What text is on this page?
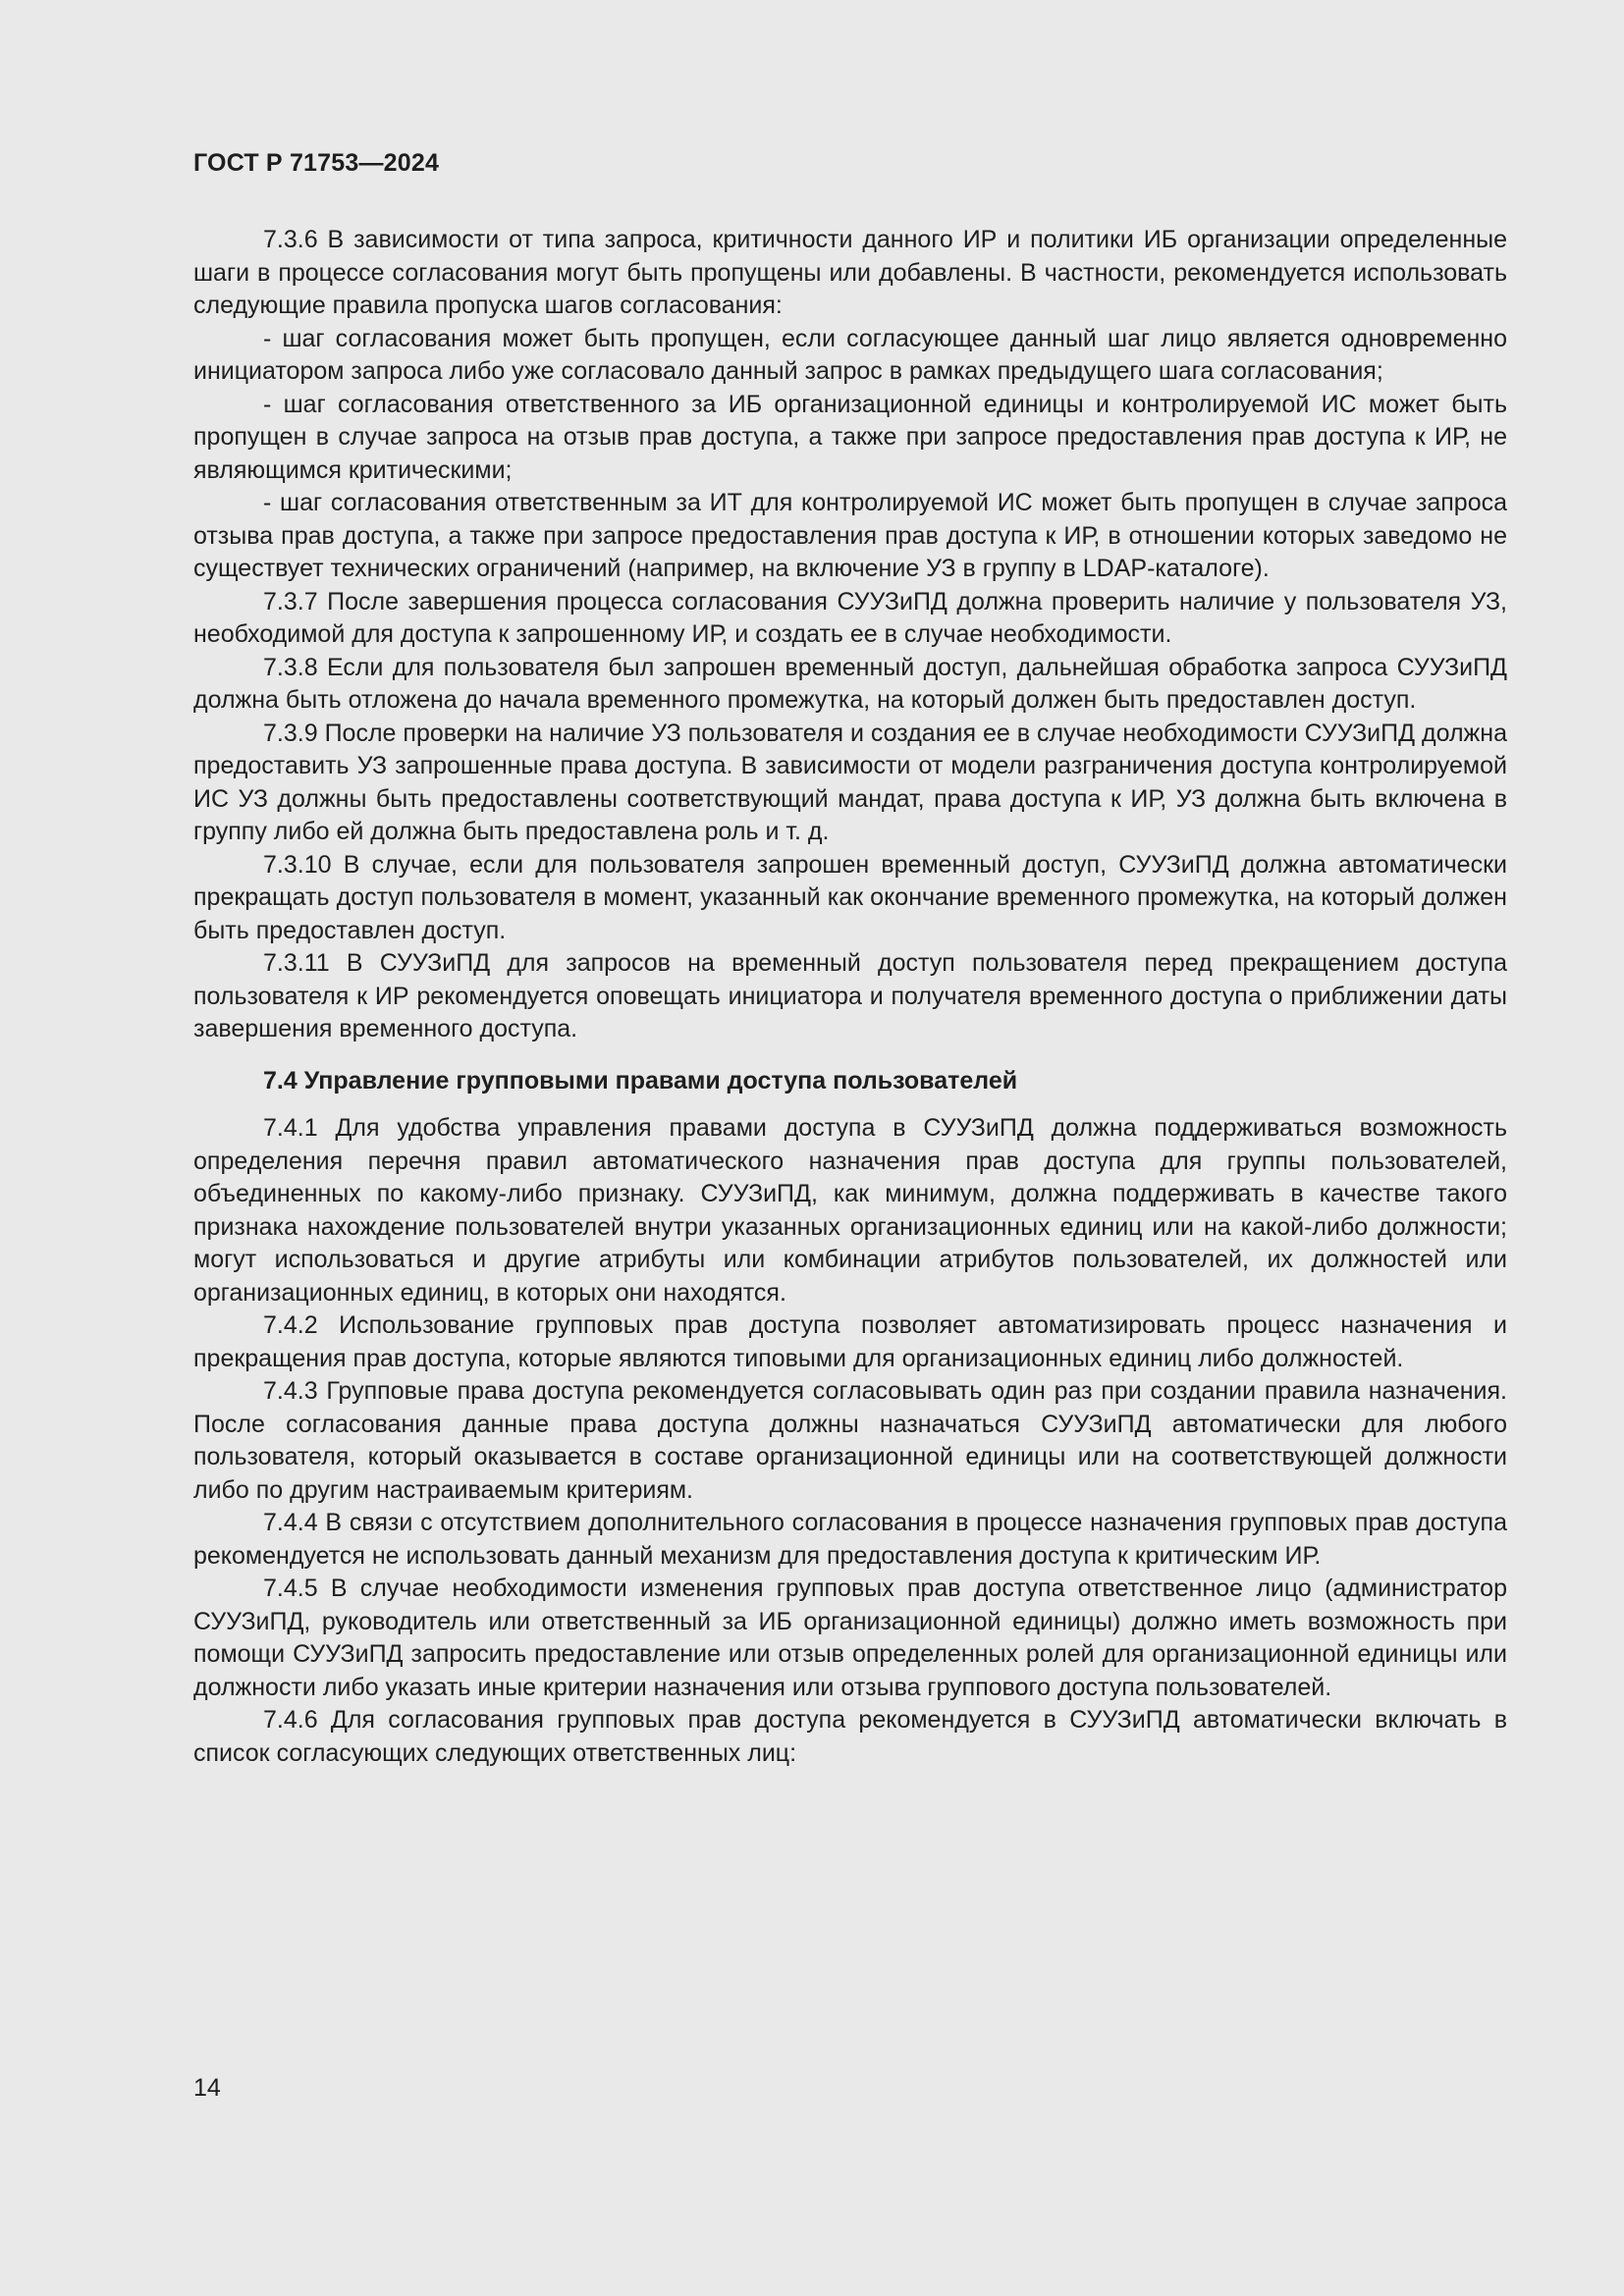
ГОСТ Р 71753—2024

7.3.6 В зависимости от типа запроса, критичности данного ИР и политики ИБ организации определенные шаги в процессе согласования могут быть пропущены или добавлены. В частности, рекомендуется использовать следующие правила пропуска шагов согласования:

- шаг согласования может быть пропущен, если согласующее данный шаг лицо является одновременно инициатором запроса либо уже согласовало данный запрос в рамках предыдущего шага согласования;

- шаг согласования ответственного за ИБ организационной единицы и контролируемой ИС может быть пропущен в случае запроса на отзыв прав доступа, а также при запросе предоставления прав доступа к ИР, не являющимся критическими;

- шаг согласования ответственным за ИТ для контролируемой ИС может быть пропущен в случае запроса отзыва прав доступа, а также при запросе предоставления прав доступа к ИР, в отношении которых заведомо не существует технических ограничений (например, на включение УЗ в группу в LDAP-каталоге).

7.3.7 После завершения процесса согласования СУУЗиПД должна проверить наличие у пользователя УЗ, необходимой для доступа к запрошенному ИР, и создать ее в случае необходимости.

7.3.8 Если для пользователя был запрошен временный доступ, дальнейшая обработка запроса СУУЗиПД должна быть отложена до начала временного промежутка, на который должен быть предоставлен доступ.

7.3.9 После проверки на наличие УЗ пользователя и создания ее в случае необходимости СУУЗиПД должна предоставить УЗ запрошенные права доступа. В зависимости от модели разграничения доступа контролируемой ИС УЗ должны быть предоставлены соответствующий мандат, права доступа к ИР, УЗ должна быть включена в группу либо ей должна быть предоставлена роль и т. д.

7.3.10 В случае, если для пользователя запрошен временный доступ, СУУЗиПД должна автоматически прекращать доступ пользователя в момент, указанный как окончание временного промежутка, на который должен быть предоставлен доступ.

7.3.11 В СУУЗиПД для запросов на временный доступ пользователя перед прекращением доступа пользователя к ИР рекомендуется оповещать инициатора и получателя временного доступа о приближении даты завершения временного доступа.

7.4 Управление групповыми правами доступа пользователей

7.4.1 Для удобства управления правами доступа в СУУЗиПД должна поддерживаться возможность определения перечня правил автоматического назначения прав доступа для группы пользователей, объединенных по какому-либо признаку. СУУЗиПД, как минимум, должна поддерживать в качестве такого признака нахождение пользователей внутри указанных организационных единиц или на какой-либо должности; могут использоваться и другие атрибуты или комбинации атрибутов пользователей, их должностей или организационных единиц, в которых они находятся.

7.4.2 Использование групповых прав доступа позволяет автоматизировать процесс назначения и прекращения прав доступа, которые являются типовыми для организационных единиц либо должностей.

7.4.3 Групповые права доступа рекомендуется согласовывать один раз при создании правила назначения. После согласования данные права доступа должны назначаться СУУЗиПД автоматически для любого пользователя, который оказывается в составе организационной единицы или на соответствующей должности либо по другим настраиваемым критериям.

7.4.4 В связи с отсутствием дополнительного согласования в процессе назначения групповых прав доступа рекомендуется не использовать данный механизм для предоставления доступа к критическим ИР.

7.4.5 В случае необходимости изменения групповых прав доступа ответственное лицо (администратор СУУЗиПД, руководитель или ответственный за ИБ организационной единицы) должно иметь возможность при помощи СУУЗиПД запросить предоставление или отзыв определенных ролей для организационной единицы или должности либо указать иные критерии назначения или отзыва группового доступа пользователей.

7.4.6 Для согласования групповых прав доступа рекомендуется в СУУЗиПД автоматически включать в список согласующих следующих ответственных лиц:

14
